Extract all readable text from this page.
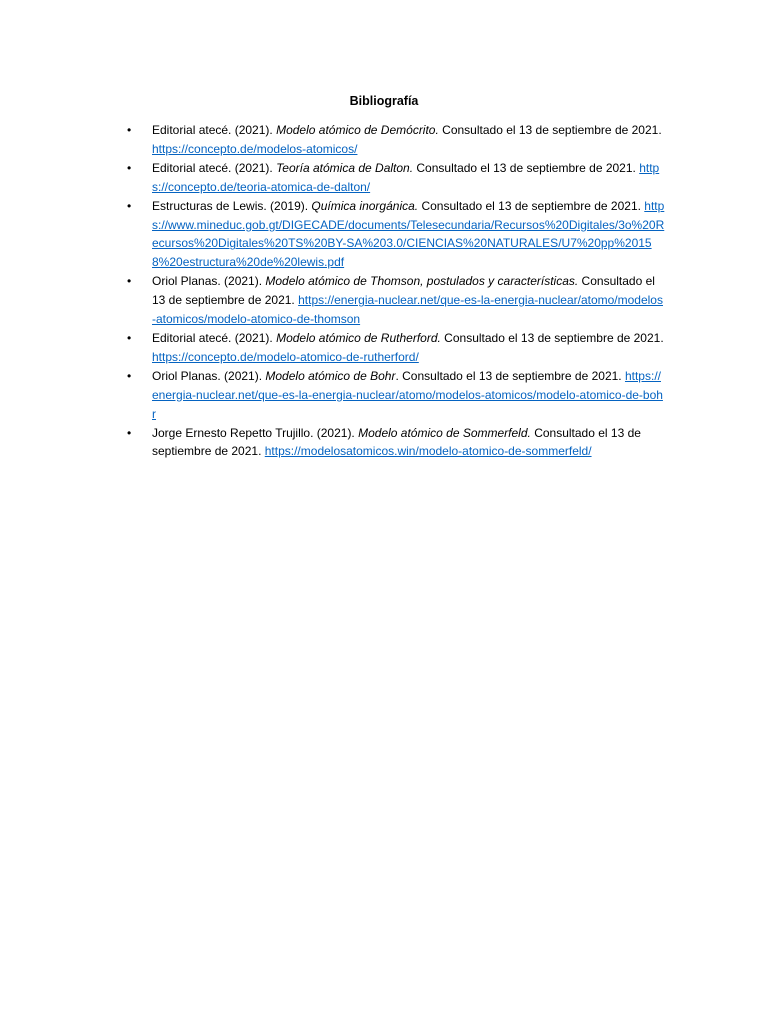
Bibliografía
• Editorial atecé. (2021). Modelo atómico de Demócrito. Consultado el 13 de septiembre de 2021. https://concepto.de/modelos-atomicos/
• Editorial atecé. (2021). Teoría atómica de Dalton. Consultado el 13 de septiembre de 2021. https://concepto.de/teoria-atomica-de-dalton/
• Estructuras de Lewis. (2019). Química inorgánica. Consultado el 13 de septiembre de 2021. https://www.mineduc.gob.gt/DIGECADE/documents/Telesecundaria/Recursos%20Digitales/3o%20Recursos%20Digitales%20TS%20BY-SA%203.0/CIENCIAS%20NATURALES/U7%20pp%20158%20estructura%20de%20lewis.pdf
• Oriol Planas. (2021). Modelo atómico de Thomson, postulados y características. Consultado el 13 de septiembre de 2021. https://energia-nuclear.net/que-es-la-energia-nuclear/atomo/modelos-atomicos/modelo-atomico-de-thomson
• Editorial atecé. (2021). Modelo atómico de Rutherford. Consultado el 13 de septiembre de 2021. https://concepto.de/modelo-atomico-de-rutherford/
• Oriol Planas. (2021). Modelo atómico de Bohr. Consultado el 13 de septiembre de 2021. https://energia-nuclear.net/que-es-la-energia-nuclear/atomo/modelos-atomicos/modelo-atomico-de-bohr
• Jorge Ernesto Repetto Trujillo. (2021). Modelo atómico de Sommerfeld. Consultado el 13 de septiembre de 2021. https://modelosatomicos.win/modelo-atomico-de-sommerfeld/
